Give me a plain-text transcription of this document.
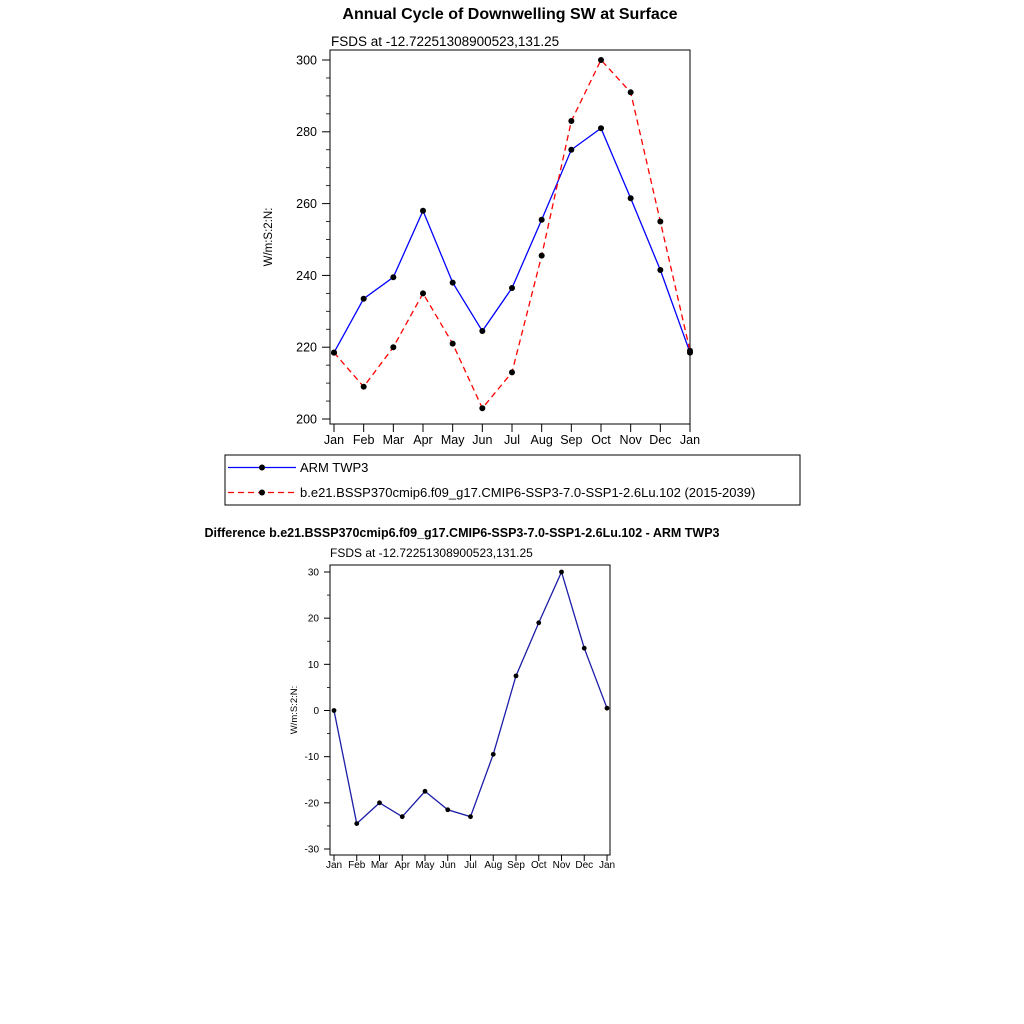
Annual Cycle of Downwelling SW at Surface
FSDS at -12.72251308900523,131.25
W/m:S:2:N:
200
220
240
260
280
300
Jan Feb Mar Apr May Jun Jul Aug Sep Oct Nov Dec Jan
ARM TWP3
b.e21.BSSP370cmip6.f09_g17.CMIP6-SSP3-7.0-SSP1-2.6Lu.102 (2015-2039)
Difference b.e21.BSSP370cmip6.f09_g17.CMIP6-SSP3-7.0-SSP1-2.6Lu.102 - ARM TWP3
FSDS at -12.72251308900523,131.25
W/m:S:2:N:
-30
-20
-10
0
10
20
30
Jan Feb Mar Apr May Jun Jul Aug Sep Oct Nov Dec Jan
